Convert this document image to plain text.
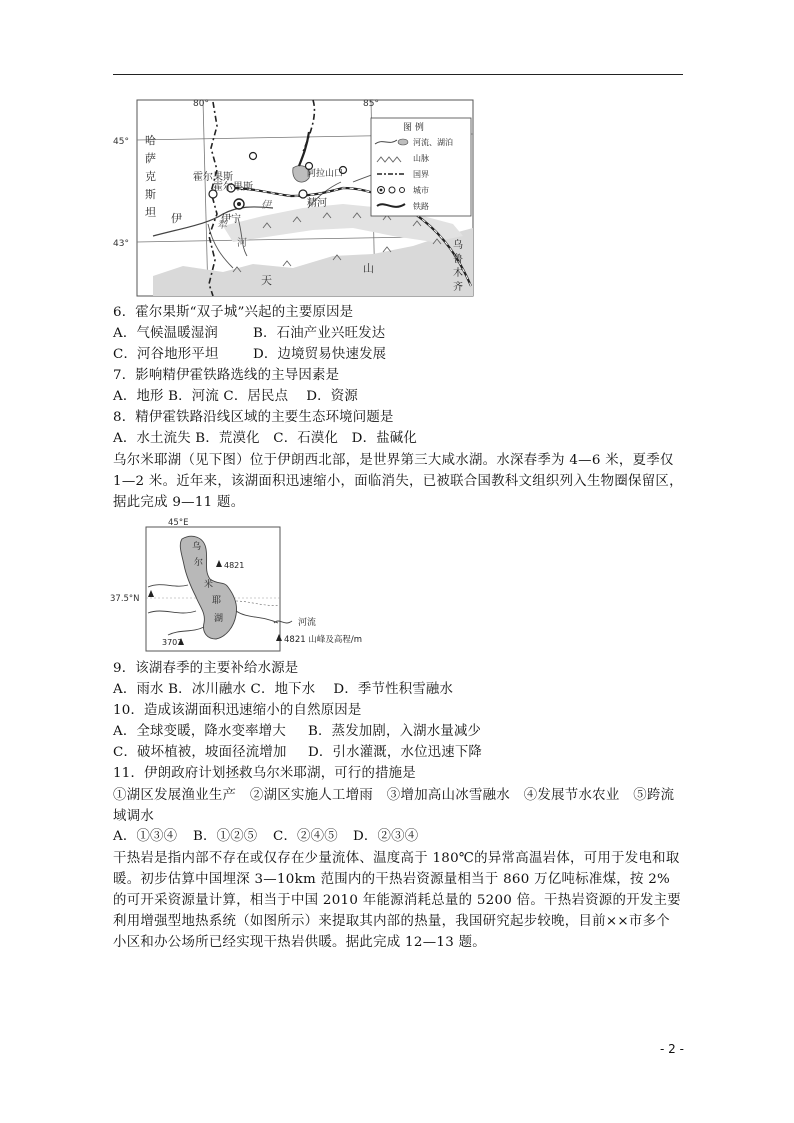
80°	85°
45°
43°
哈
萨
克
斯
坦 伊
霍尔果斯
霍尔果斯
伊宁
伊
犁
河
精河
阿拉山口
天
山
乌
鲁
木
齐
图 例
河流、湖泊
山脉
国界
城市
铁路
6．霍尔果斯“双子城”兴起的主要原因是
A．气候温暖湿润	B．石油产业兴旺发达
C．河谷地形平坦	D．边境贸易快速发展
7．影响精伊霍铁路选线的主导因素是
A．地形 B．河流 C．居民点　 D．资源
8．精伊霍铁路沿线区域的主要生态环境问题是
A．水土流失 B．荒漠化　C．石漠化　D．盐碱化
乌尔米耶湖（见下图）位于伊朗西北部，是世界第三大咸水湖。水深春季为 4—6 米，夏季仅 1—2 米。近年来，该湖面积迅速缩小，面临消失，已被联合国教科文组织列入生物圈保留区，据此完成 9—11 题。
45°E
37.5°N
乌
尔
米
耶
湖
4821
3707
河流
4821 山峰及高程/m
9．该湖春季的主要补给水源是
A．雨水 B．冰川融水 C．地下水　 D．季节性积雪融水
10．造成该湖面积迅速缩小的自然原因是
A．全球变暖，降水变率增大 B．蒸发加剧，入湖水量减少
C．破坏植被，坡面径流增加 D．引水灌溉，水位迅速下降
11．伊朗政府计划拯救乌尔米耶湖，可行的措施是
①湖区发展渔业生产　②湖区实施人工增雨　③增加高山冰雪融水　④发展节水农业　⑤跨流域调水
A．①③④ B．①②⑤ C．②④⑤ D．②③④
干热岩是指内部不存在或仅存在少量流体、温度高于 180℃的异常高温岩体，可用于发电和取暖。初步估算中国埋深 3—10km 范围内的干热岩资源量相当于 860 万亿吨标准煤，按 2%的可开采资源量计算，相当于中国 2010 年能源消耗总量的 5200 倍。干热岩资源的开发主要利用增强型地热系统（如图所示）来提取其内部的热量，我国研究起步较晚，目前××市多个小区和办公场所已经实现干热岩供暖。据此完成 12—13 题。
- 2 -
